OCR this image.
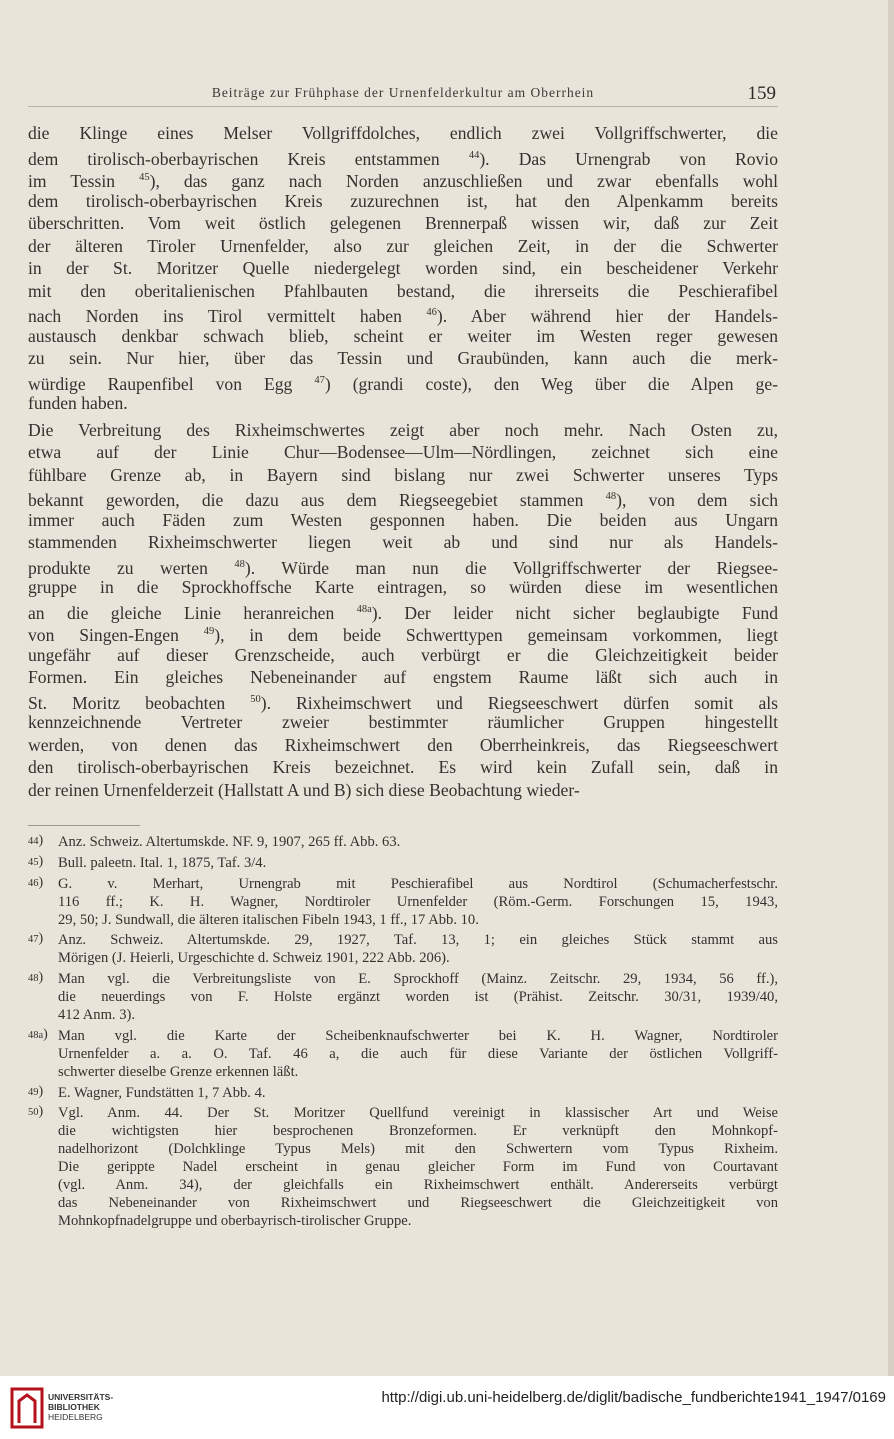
Beiträge zur Frühphase der Urnenfelderkultur am Oberrhein	159
die Klinge eines Melser Vollgriffdolches, endlich zwei Vollgriffschwerter, die
dem tirolisch-oberbayrischen Kreis entstammen $^{44}$). Das Urnengrab von Rovio
im Tessin $^{45}$), das ganz nach Norden anzuschließen und zwar ebenfalls wohl
dem tirolisch-oberbayrischen Kreis zuzurechnen ist, hat den Alpenkamm bereits
überschritten. Vom weit östlich gelegenen Brennerpaß wissen wir, daß zur Zeit
der älteren Tiroler Urnenfelder, also zur gleichen Zeit, in der die Schwerter
in der St. Moritzer Quelle niedergelegt worden sind, ein bescheidener Verkehr
mit den oberitalienischen Pfahlbauten bestand, die ihrerseits die Peschierafibel
nach Norden ins Tirol vermittelt haben $^{46}$). Aber während hier der Handels-
austausch denkbar schwach blieb, scheint er weiter im Westen reger gewesen
zu sein. Nur hier, über das Tessin und Graubünden, kann auch die merk-
würdige Raupenfibel von Egg $^{47}$) (grandi coste), den Weg über die Alpen ge-
funden haben.
Die Verbreitung des Rixheimschwertes zeigt aber noch mehr. Nach Osten zu,
etwa auf der Linie Chur—Bodensee—Ulm—Nördlingen, zeichnet sich eine
fühlbare Grenze ab, in Bayern sind bislang nur zwei Schwerter unseres Typs
bekannt geworden, die dazu aus dem Riegseegebiet stammen $^{48}$), von dem sich
immer auch Fäden zum Westen gesponnen haben. Die beiden aus Ungarn
stammenden Rixheimschwerter liegen weit ab und sind nur als Handels-
produkte zu werten $^{48}$). Würde man nun die Vollgriffschwerter der Riegsee-
gruppe in die Sprockhoffsche Karte eintragen, so würden diese im wesentlichen
an die gleiche Linie heranreichen $^{48a}$). Der leider nicht sicher beglaubigte Fund
von Singen-Engen $^{49}$), in dem beide Schwerttypen gemeinsam vorkommen, liegt
ungefähr auf dieser Grenzscheide, auch verbürgt er die Gleichzeitigkeit beider
Formen. Ein gleiches Nebeneinander auf engstem Raume läßt sich auch in
St. Moritz beobachten $^{50}$). Rixheimschwert und Riegseeschwert dürfen somit als
kennzeichnende Vertreter zweier bestimmter räumlicher Gruppen hingestellt
werden, von denen das Rixheimschwert den Oberrheinkreis, das Riegseeschwert
den tirolisch-oberbayrischen Kreis bezeichnet. Es wird kein Zufall sein, daß in
der reinen Urnenfelderzeit (Hallstatt A und B) sich diese Beobachtung wieder-
44) Anz. Schweiz. Altertumskde. NF. 9, 1907, 265 ff. Abb. 63.
45) Bull. paleetn. Ital. 1, 1875, Taf. 3/4.
46) G. v. Merhart, Urnengrab mit Peschierafibel aus Nordtirol (Schumacherfestschr.
116 ff.; K. H. Wagner, Nordtiroler Urnenfelder (Röm.-Germ. Forschungen 15, 1943,
29, 50; J. Sundwall, die älteren italischen Fibeln 1943, 1 ff., 17 Abb. 10.
47) Anz. Schweiz. Altertumskde. 29, 1927, Taf. 13, 1; ein gleiches Stück stammt aus
Mörigen (J. Heierli, Urgeschichte d. Schweiz 1901, 222 Abb. 206).
48) Man vgl. die Verbreitungsliste von E. Sprockhoff (Mainz. Zeitschr. 29, 1934, 56 ff.),
die neuerdings von F. Holste ergänzt worden ist (Prähist. Zeitschr. 30/31, 1939/40,
412 Anm. 3).
48a) Man vgl. die Karte der Scheibenknaufschwerter bei K. H. Wagner, Nordtiroler
Urnenfelder a. a. O. Taf. 46 a, die auch für diese Variante der östlichen Vollgriff-
schwerter dieselbe Grenze erkennen läßt.
49) E. Wagner, Fundstätten 1, 7 Abb. 4.
50) Vgl. Anm. 44. Der St. Moritzer Quellfund vereinigt in klassischer Art und Weise
die wichtigsten hier besprochenen Bronzeformen. Er verknüpft den Mohnkopf-
nadelhorizont (Dolchklinge Typus Mels) mit den Schwertern vom Typus Rixheim.
Die gerippte Nadel erscheint in genau gleicher Form im Fund von Courtavant
(vgl. Anm. 34), der gleichfalls ein Rixheimschwert enthält. Andererseits verbürgt
das Nebeneinander von Rixheimschwert und Riegseeschwert die Gleichzeitigkeit von
Mohnkopfnadelgruppe und oberbayrisch-tirolischer Gruppe.
UNIVERSITÄTS-
BIBLIOTHEK
HEIDELBERG
http://digi.ub.uni-heidelberg.de/diglit/badische_fundberichte1941_1947/0169
